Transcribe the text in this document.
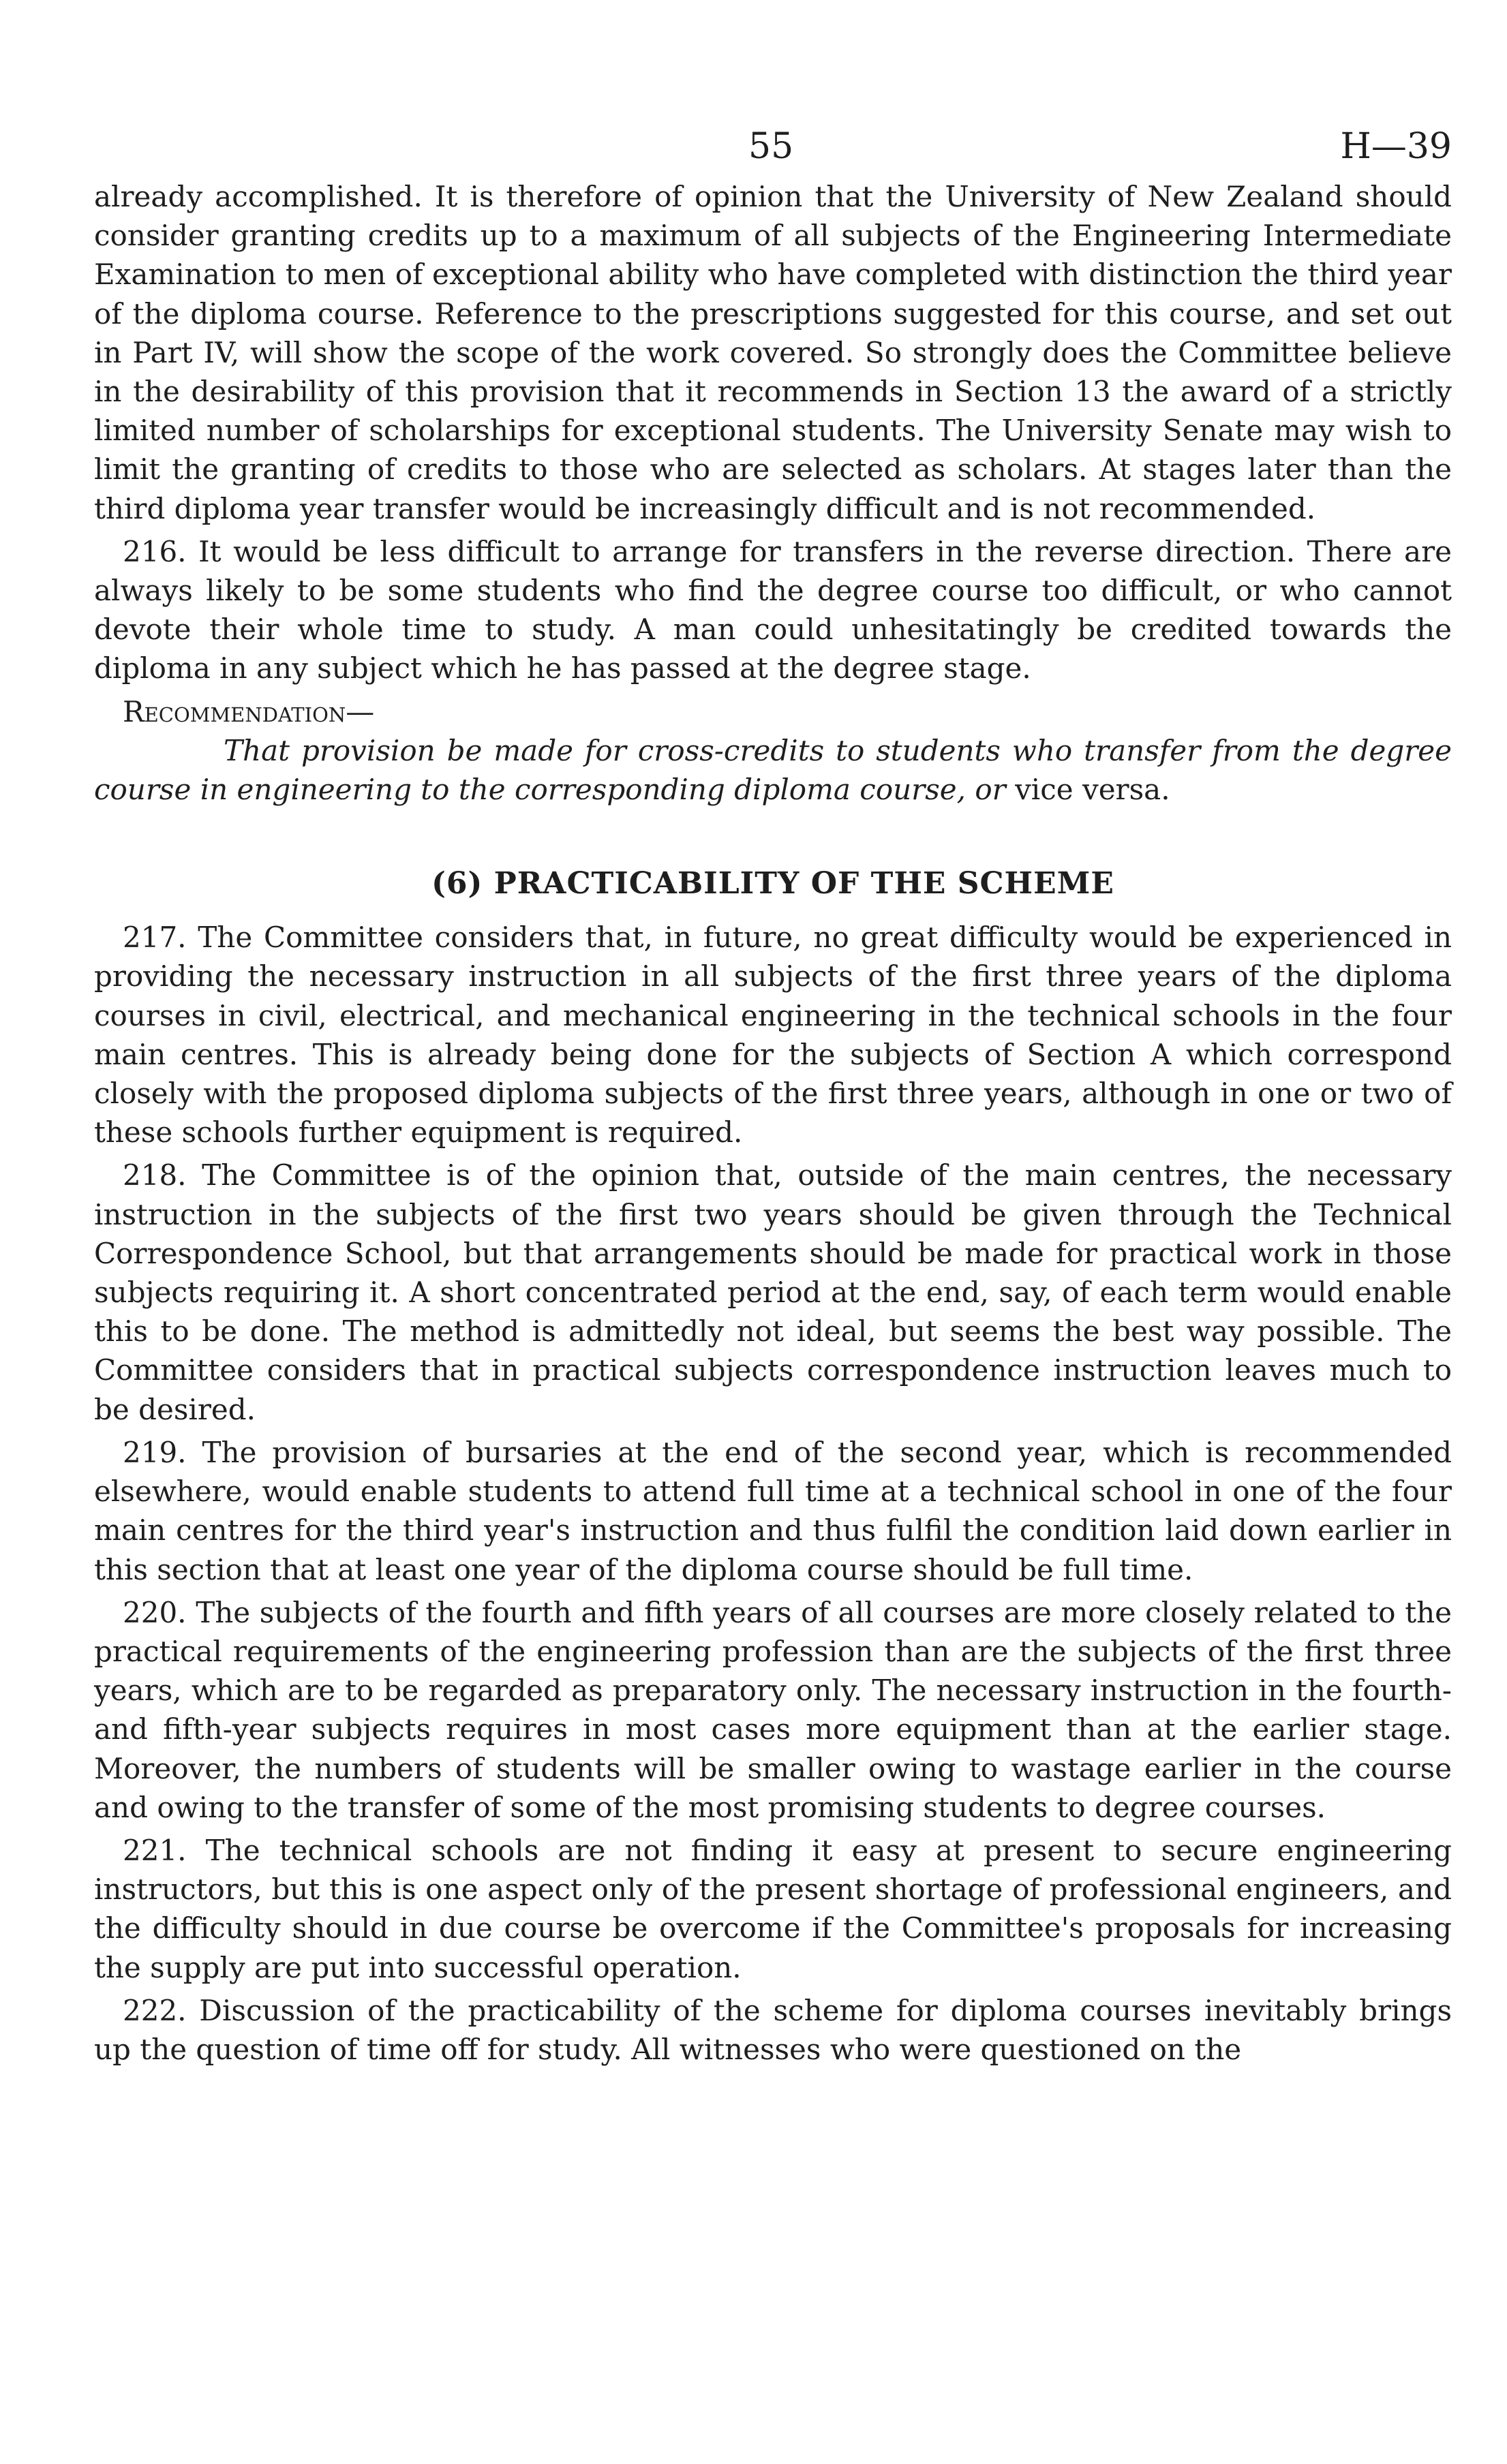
55	H—39

already accomplished. It is therefore of opinion that the University of New Zealand should consider granting credits up to a maximum of all subjects of the Engineering Intermediate Examination to men of exceptional ability who have completed with distinction the third year of the diploma course. Reference to the prescriptions suggested for this course, and set out in Part IV, will show the scope of the work covered. So strongly does the Committee believe in the desirability of this provision that it recommends in Section 13 the award of a strictly limited number of scholarships for exceptional students. The University Senate may wish to limit the granting of credits to those who are selected as scholars. At stages later than the third diploma year transfer would be increasingly difficult and is not recommended.

216. It would be less difficult to arrange for transfers in the reverse direction. There are always likely to be some students who find the degree course too difficult, or who cannot devote their whole time to study. A man could unhesitatingly be credited towards the diploma in any subject which he has passed at the degree stage.

Recommendation—

That provision be made for cross-credits to students who transfer from the degree course in engineering to the corresponding diploma course, or vice versa.

(6) PRACTICABILITY OF THE SCHEME

217. The Committee considers that, in future, no great difficulty would be experienced in providing the necessary instruction in all subjects of the first three years of the diploma courses in civil, electrical, and mechanical engineering in the technical schools in the four main centres. This is already being done for the subjects of Section A which correspond closely with the proposed diploma subjects of the first three years, although in one or two of these schools further equipment is required.

218. The Committee is of the opinion that, outside of the main centres, the necessary instruction in the subjects of the first two years should be given through the Technical Correspondence School, but that arrangements should be made for practical work in those subjects requiring it. A short concentrated period at the end, say, of each term would enable this to be done. The method is admittedly not ideal, but seems the best way possible. The Committee considers that in practical subjects correspondence instruction leaves much to be desired.

219. The provision of bursaries at the end of the second year, which is recommended elsewhere, would enable students to attend full time at a technical school in one of the four main centres for the third year's instruction and thus fulfil the condition laid down earlier in this section that at least one year of the diploma course should be full time.

220. The subjects of the fourth and fifth years of all courses are more closely related to the practical requirements of the engineering profession than are the subjects of the first three years, which are to be regarded as preparatory only. The necessary instruction in the fourth- and fifth-year subjects requires in most cases more equipment than at the earlier stage. Moreover, the numbers of students will be smaller owing to wastage earlier in the course and owing to the transfer of some of the most promising students to degree courses.

221. The technical schools are not finding it easy at present to secure engineering instructors, but this is one aspect only of the present shortage of professional engineers, and the difficulty should in due course be overcome if the Committee's proposals for increasing the supply are put into successful operation.

222. Discussion of the practicability of the scheme for diploma courses inevitably brings up the question of time off for study. All witnesses who were questioned on the
